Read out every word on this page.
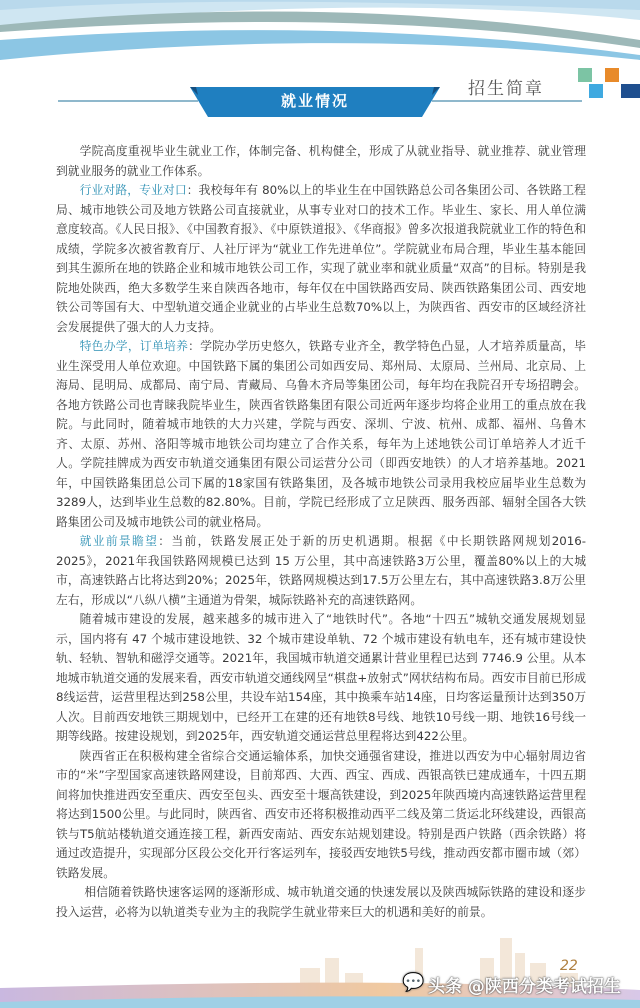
招生简章
就业情况

学院高度重视毕业生就业工作，体制完备、机构健全，形成了从就业指导、就业推荐、就业管理到就业服务的就业工作体系。

行业对路，专业对口：我校每年有 80%以上的毕业生在中国铁路总公司各集团公司、各铁路工程局、城市地铁公司及地方铁路公司直接就业，从事专业对口的技术工作。毕业生、家长、用人单位满意度较高。《人民日报》、《中国教育报》、《中原铁道报》、《华商报》曾多次报道我院就业工作的特色和成绩，学院多次被省教育厅、人社厅评为“就业工作先进单位”。学院就业布局合理，毕业生基本能回到其生源所在地的铁路企业和城市地铁公司工作，实现了就业率和就业质量“双高”的目标。特别是我院地处陕西，绝大多数学生来自陕西各地市，每年仅在中国铁路西安局、陕西铁路集团公司、西安地铁公司等国有大、中型轨道交通企业就业的占毕业生总数70%以上，为陕西省、西安市的区域经济社会发展提供了强大的人力支持。

特色办学，订单培养：学院办学历史悠久，铁路专业齐全，教学特色凸显，人才培养质量高，毕业生深受用人单位欢迎。中国铁路下属的集团公司如西安局、郑州局、太原局、兰州局、北京局、上海局、昆明局、成都局、南宁局、青藏局、乌鲁木齐局等集团公司，每年均在我院召开专场招聘会。各地方铁路公司也青睐我院毕业生，陕西省铁路集团有限公司近两年逐步均将企业用工的重点放在我院。与此同时，随着城市地铁的大力兴建，学院与西安、深圳、宁波、杭州、成都、福州、乌鲁木齐、太原、苏州、洛阳等城市地铁公司均建立了合作关系，每年为上述地铁公司订单培养人才近千人。学院挂牌成为西安市轨道交通集团有限公司运营分公司（即西安地铁）的人才培养基地。2021年，中国铁路集团总公司下属的18家国有铁路集团，及各城市地铁公司录用我校应届毕业生总数为3289人，达到毕业生总数的82.80%。目前，学院已经形成了立足陕西、服务西部、辐射全国各大铁路集团公司及城市地铁公司的就业格局。

就业前景瞻望：当前，铁路发展正处于新的历史机遇期。根据《中长期铁路网规划2016-2025》，2021年我国铁路网规模已达到 15 万公里，其中高速铁路3万公里，覆盖80%以上的大城市，高速铁路占比将达到20%；2025年，铁路网规模达到17.5万公里左右，其中高速铁路3.8万公里左右，形成以“八纵八横”主通道为骨架，城际铁路补充的高速铁路网。

随着城市建设的发展，越来越多的城市进入了“地铁时代”。各地“十四五”城轨交通发展规划显示，国内将有 47 个城市建设地铁、32 个城市建设单轨、72 个城市建设有轨电车，还有城市建设快轨、轻轨、智轨和磁浮交通等。2021年，我国城市轨道交通累计营业里程已达到 7746.9 公里。从本地城市轨道交通的发展来看，西安市轨道交通线网呈“棋盘+放射式”网状结构布局。西安市目前已形成8线运营，运营里程达到258公里，共设车站154座，其中换乘车站14座，日均客运量预计达到350万人次。目前西安地铁三期规划中，已经开工在建的还有地铁8号线、地铁10号线一期、地铁16号线一期等线路。按建设规划，到2025年，西安轨道交通运营总里程将达到422公里。

陕西省正在积极构建全省综合交通运输体系，加快交通强省建设，推进以西安为中心辐射周边省市的“米”字型国家高速铁路网建设，目前郑西、大西、西宝、西成、西银高铁已建成通车，十四五期间将加快推进西安至重庆、西安至包头、西安至十堰高铁建设，到2025年陕西境内高速铁路运营里程将达到1500公里。与此同时，陕西省、西安市还将积极推动西平二线及第二货运北环线建设，西银高铁与T5航站楼轨道交通连接工程，新西安南站、西安东站规划建设。特别是西户铁路（西余铁路）将通过改造提升，实现部分区段公交化开行客运列车，接驳西安地铁5号线，推动西安都市圈市域（郊）铁路发展。

相信随着铁路快速客运网的逐渐形成、城市轨道交通的快速发展以及陕西城际铁路的建设和逐步投入运营，必将为以轨道类专业为主的我院学生就业带来巨大的机遇和美好的前景。

22
💬 头条 @陕西分类考试招生
